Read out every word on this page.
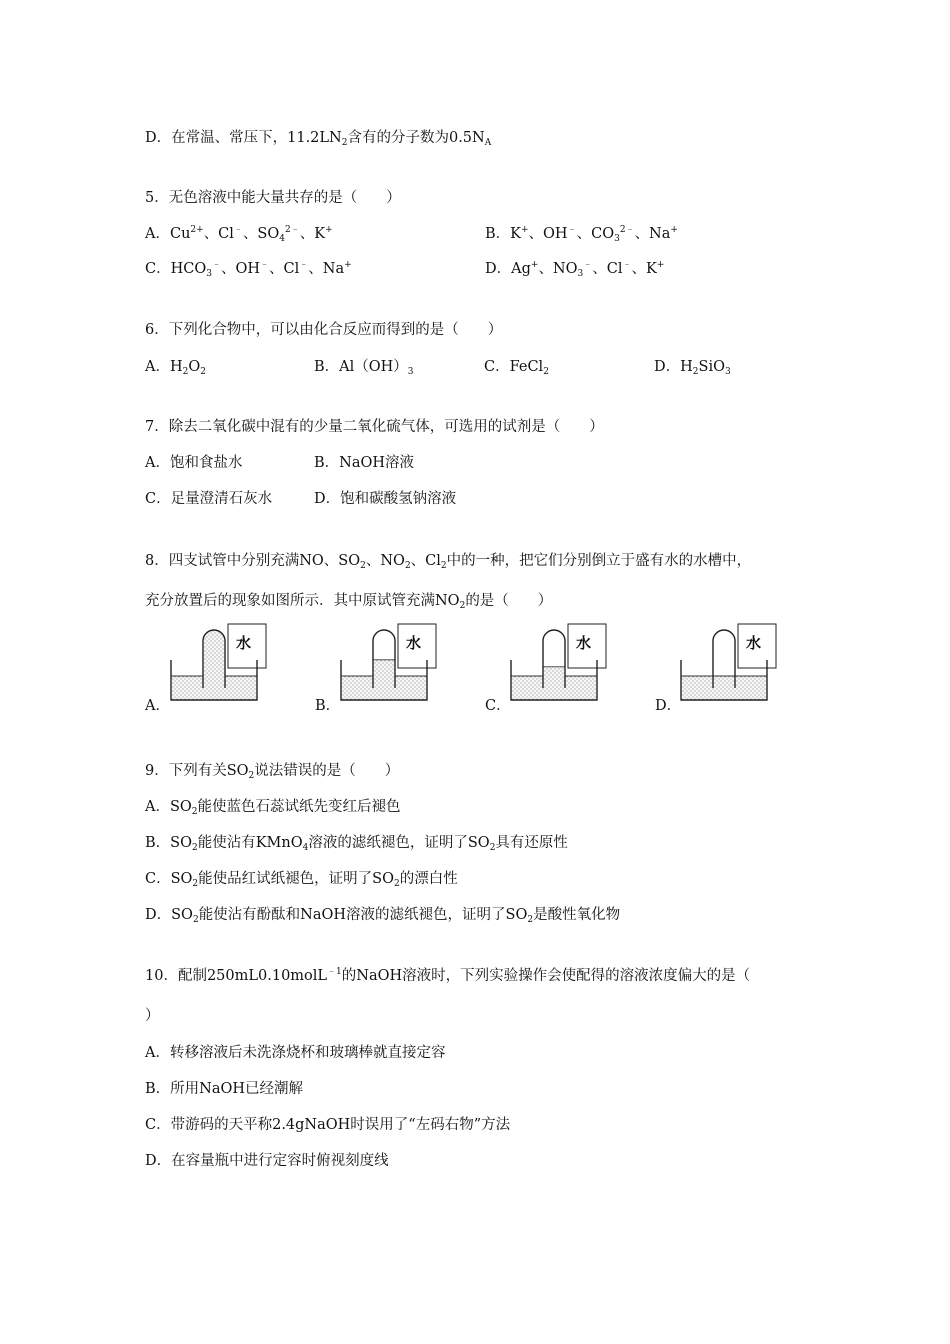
D．在常温、常压下，$11.2LN_2$含有的分子数为$0.5N_A$
5．无色溶液中能大量共存的是（　　）
A．$Cu^{2+}$、Cl﹣、$SO_4^{2﹣}$、K+	B．K+、OH﹣、$CO_3^{2﹣}$、Na+
C．$HCO_3^﹣$、OH﹣、Cl﹣、Na+	D．Ag+、$NO_3^﹣$、Cl﹣、K+
6．下列化合物中，可以由化合反应而得到的是（　　）
A．$H_2O_2$	B．$Al(OH)_3$	C．FeCl$_2$	D．$H_2SiO_3$
7．除去二氧化碳中混有的少量二氧化硫气体，可选用的试剂是（　　）
A．饱和食盐水	B．NaOH溶液
C．足量澄清石灰水	D．饱和碳酸氢钠溶液
8．四支试管中分别充满NO、$SO_2$、$NO_2$、$Cl_2$中的一种，把它们分别倒立于盛有水的水槽中，
充分放置后的现象如图所示．其中原试管充满$NO_2$的是（　　）
水	水	水	水
A．	B．	C．	D．
9．下列有关$SO_2$说法错误的是（　　）
A．$SO_2$能使蓝色石蕊试纸先变红后褪色
B．$SO_2$能使沾有KMnO$_4$溶液的滤纸褪色，证明了$SO_2$具有还原性
C．$SO_2$能使品红试纸褪色，证明了$SO_2$的漂白性
D．$SO_2$能使沾有酚酞和NaOH溶液的滤纸褪色，证明了$SO_2$是酸性氧化物
10．配制250mL0.10molL$^{﹣1}$的NaOH溶液时，下列实验操作会使配得的溶液浓度偏大的是（
）
A．转移溶液后未洗涤烧杯和玻璃棒就直接定容
B．所用NaOH已经潮解
C．带游码的天平称2.4gNaOH时误用了“左码右物”方法
D．在容量瓶中进行定容时俯视刻度线
